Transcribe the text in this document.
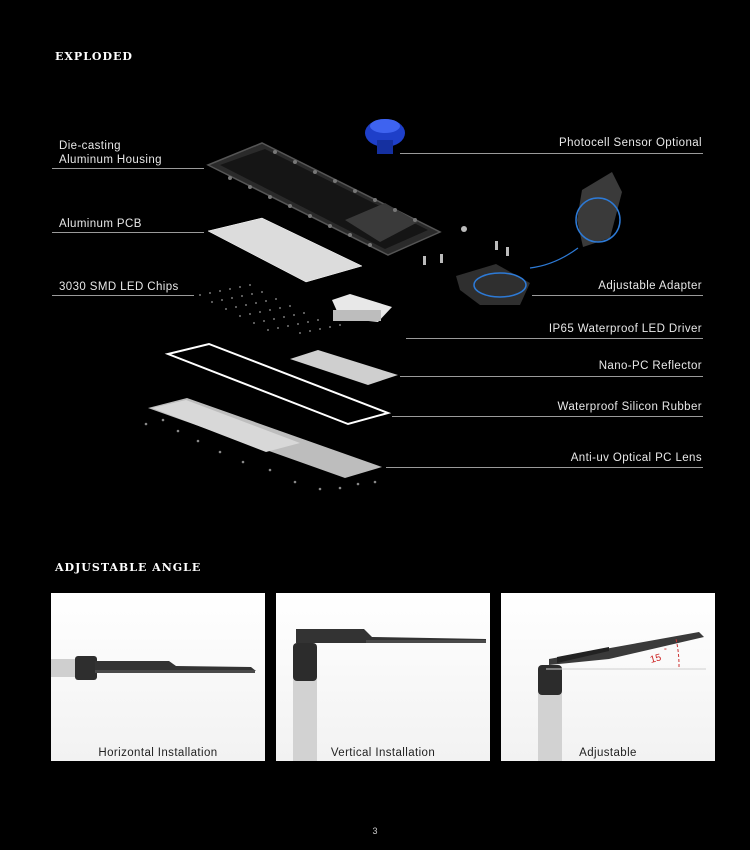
EXPLODED
Die-casting
Aluminum Housing
Aluminum PCB
3030 SMD LED Chips
Photocell Sensor Optional
Adjustable Adapter
IP65 Waterproof LED Driver
Nano-PC Reflector
Waterproof Silicon Rubber
Anti-uv Optical PC Lens
ADJUSTABLE ANGLE
Horizontal Installation	Vertical Installation
15
°
Adjustable
3
